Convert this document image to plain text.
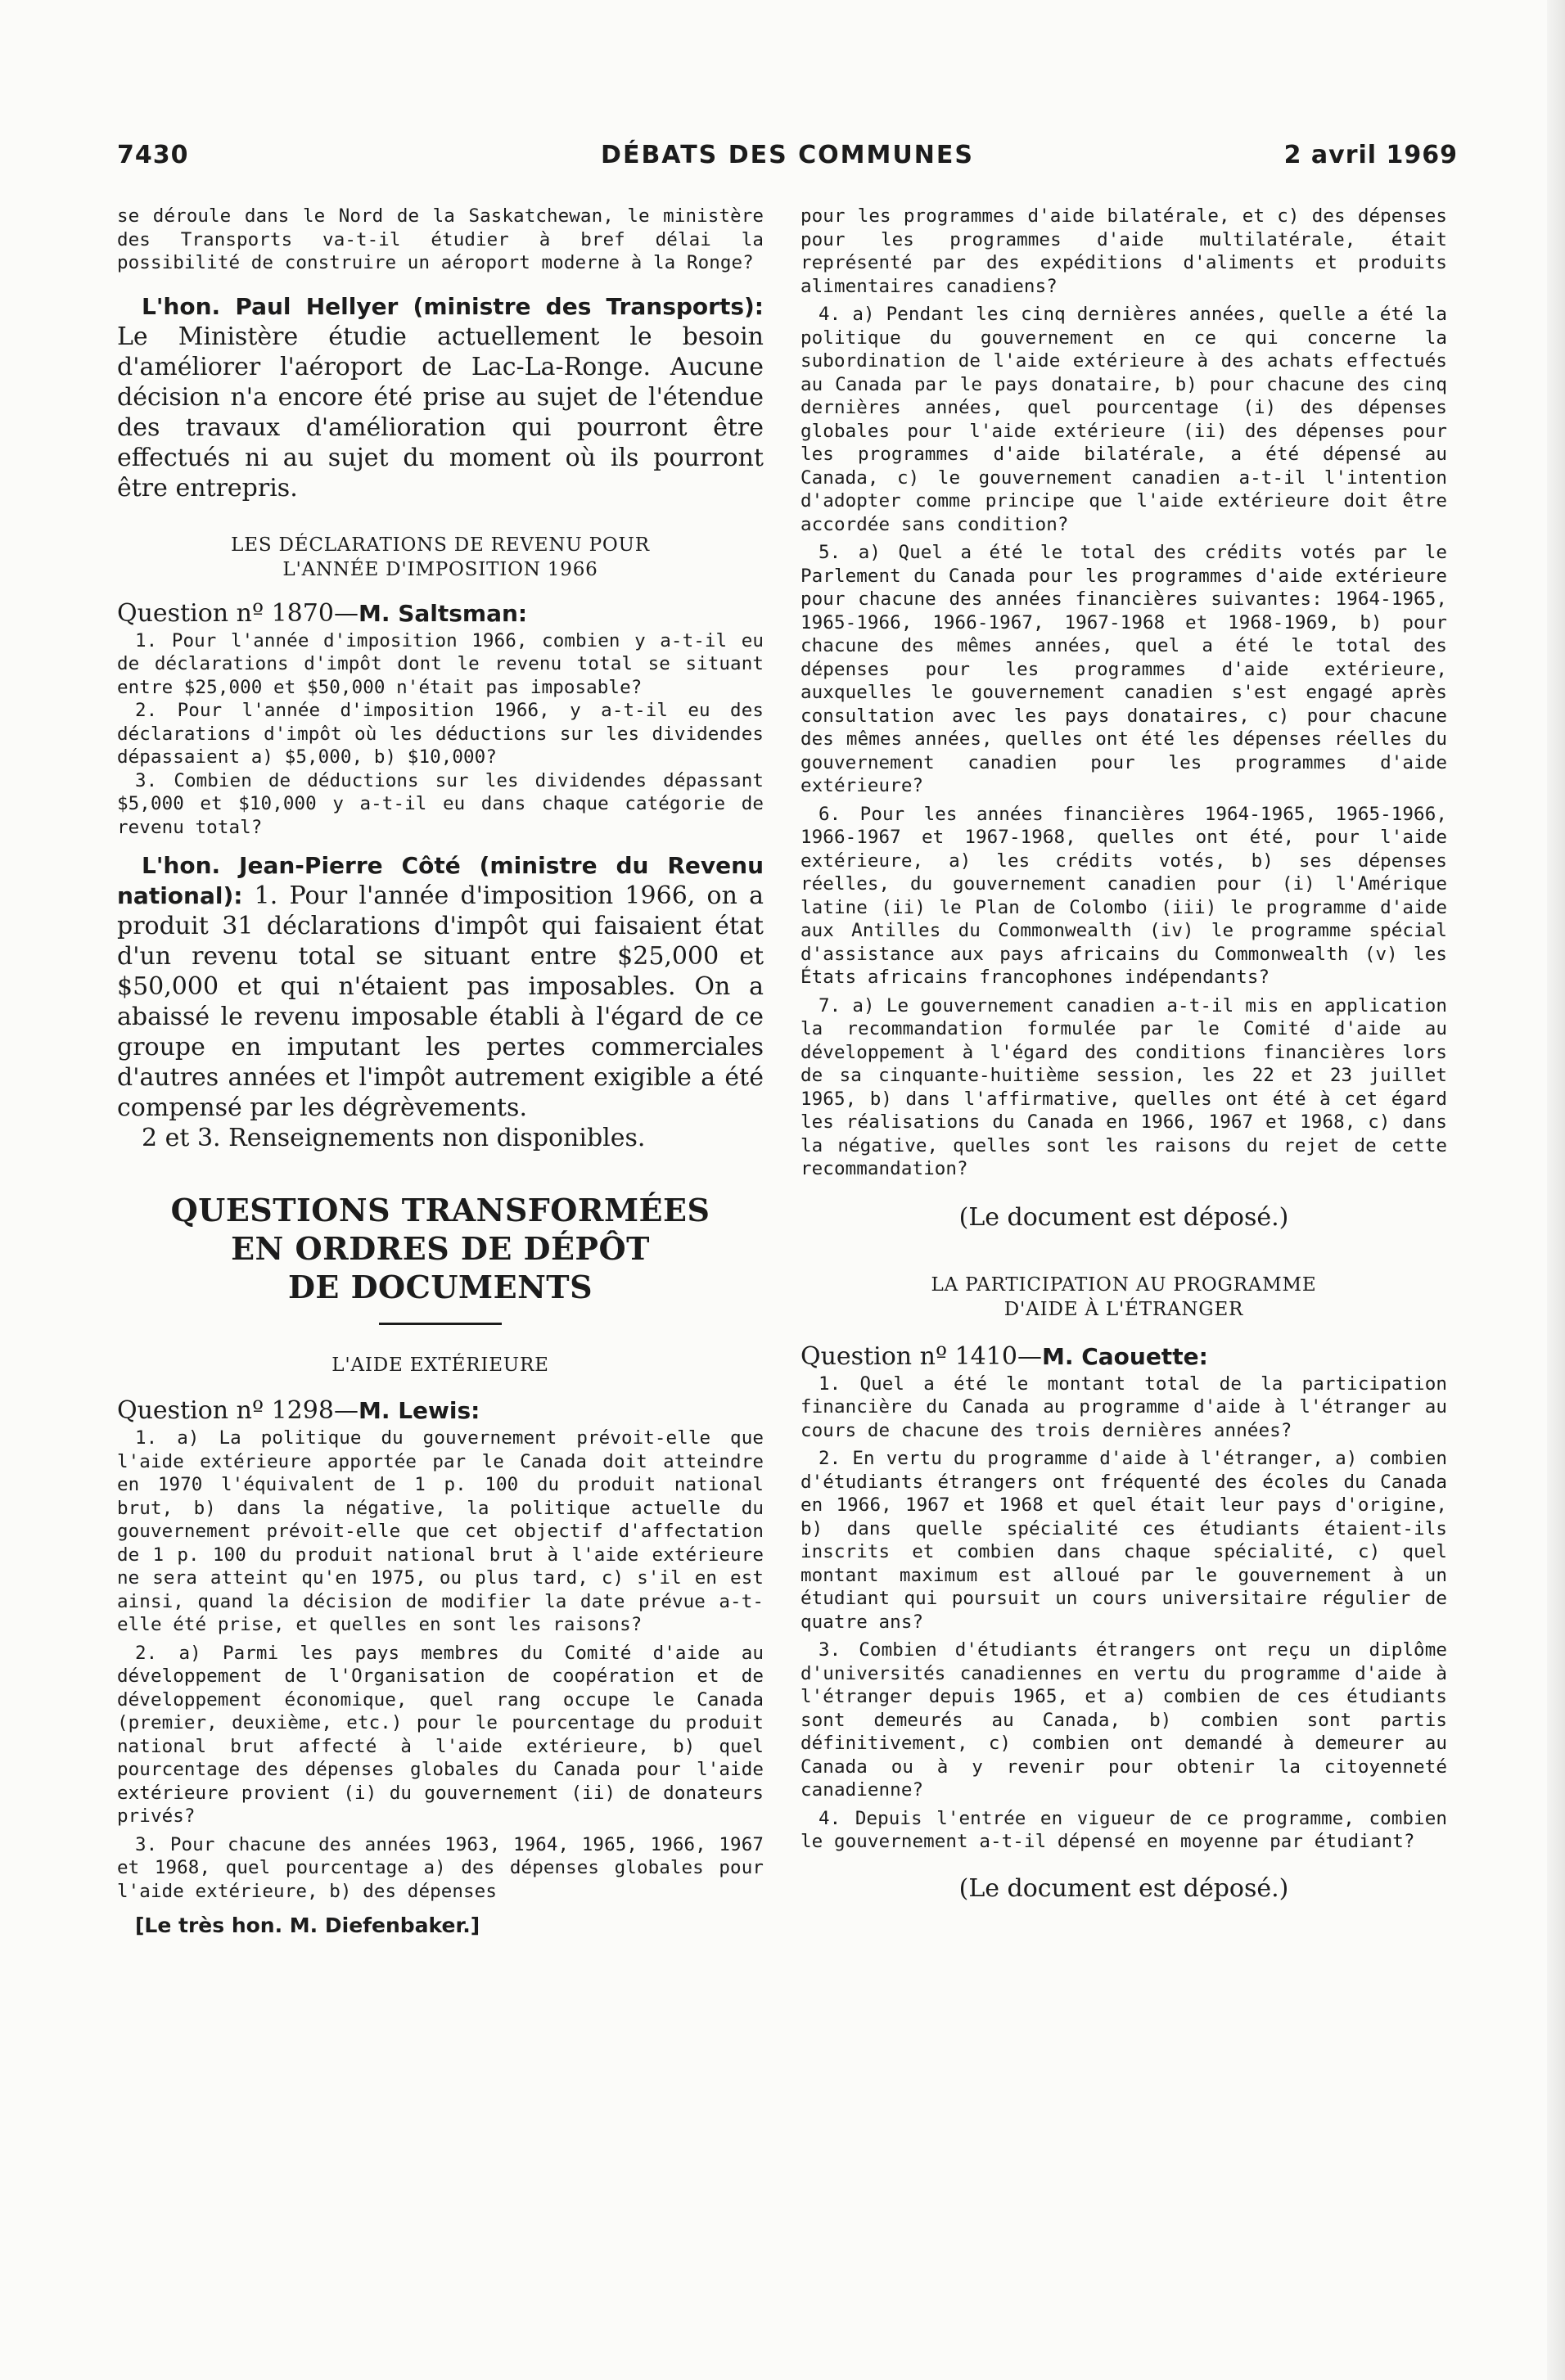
7430	DÉBATS DES COMMUNES	2 avril 1969

se déroule dans le Nord de la Saskatchewan, le ministère des Transports va-t-il étudier à bref délai la possibilité de construire un aéroport moderne à la Ronge?

L'hon. Paul Hellyer (ministre des Transports): Le Ministère étudie actuellement le besoin d'améliorer l'aéroport de Lac-La-Ronge. Aucune décision n'a encore été prise au sujet de l'étendue des travaux d'amélioration qui pourront être effectués ni au sujet du moment où ils pourront être entrepris.

LES DÉCLARATIONS DE REVENU POUR

L'ANNÉE D'IMPOSITION 1966

Question nº 1870—M. Saltsman:

1. Pour l'année d'imposition 1966, combien y a-t-il eu de déclarations d'impôt dont le revenu total se situant entre $25,000 et $50,000 n'était pas imposable?

2. Pour l'année d'imposition 1966, y a-t-il eu des déclarations d'impôt où les déductions sur les dividendes dépassaient a) $5,000, b) $10,000?

3. Combien de déductions sur les dividendes dépassant $5,000 et $10,000 y a-t-il eu dans chaque catégorie de revenu total?

L'hon. Jean-Pierre Côté (ministre du Revenu national): 1. Pour l'année d'imposition 1966, on a produit 31 déclarations d'impôt qui faisaient état d'un revenu total se situant entre $25,000 et $50,000 et qui n'étaient pas imposables. On a abaissé le revenu imposable établi à l'égard de ce groupe en imputant les pertes commerciales d'autres années et l'impôt autrement exigible a été compensé par les dégrèvements.

2 et 3. Renseignements non disponibles.

QUESTIONS TRANSFORMÉES

EN ORDRES DE DÉPÔT

DE DOCUMENTS

L'AIDE EXTÉRIEURE

Question nº 1298—M. Lewis:

1. a) La politique du gouvernement prévoit-elle que l'aide extérieure apportée par le Canada doit atteindre en 1970 l'équivalent de 1 p. 100 du produit national brut, b) dans la négative, la politique actuelle du gouvernement prévoit-elle que cet objectif d'affectation de 1 p. 100 du produit national brut à l'aide extérieure ne sera atteint qu'en 1975, ou plus tard, c) s'il en est ainsi, quand la décision de modifier la date prévue a-t-elle été prise, et quelles en sont les raisons?

2. a) Parmi les pays membres du Comité d'aide au développement de l'Organisation de coopération et de développement économique, quel rang occupe le Canada (premier, deuxième, etc.) pour le pourcentage du produit national brut affecté à l'aide extérieure, b) quel pourcentage des dépenses globales du Canada pour l'aide extérieure provient (i) du gouvernement (ii) de donateurs privés?

3. Pour chacune des années 1963, 1964, 1965, 1966, 1967 et 1968, quel pourcentage a) des dépenses globales pour l'aide extérieure, b) des dépenses

[Le très hon. M. Diefenbaker.]

pour les programmes d'aide bilatérale, et c) des dépenses pour les programmes d'aide multilatérale, était représenté par des expéditions d'aliments et produits alimentaires canadiens?

4. a) Pendant les cinq dernières années, quelle a été la politique du gouvernement en ce qui concerne la subordination de l'aide extérieure à des achats effectués au Canada par le pays donataire, b) pour chacune des cinq dernières années, quel pourcentage (i) des dépenses globales pour l'aide extérieure (ii) des dépenses pour les programmes d'aide bilatérale, a été dépensé au Canada, c) le gouvernement canadien a-t-il l'intention d'adopter comme principe que l'aide extérieure doit être accordée sans condition?

5. a) Quel a été le total des crédits votés par le Parlement du Canada pour les programmes d'aide extérieure pour chacune des années financières suivantes: 1964-1965, 1965-1966, 1966-1967, 1967-1968 et 1968-1969, b) pour chacune des mêmes années, quel a été le total des dépenses pour les programmes d'aide extérieure, auxquelles le gouvernement canadien s'est engagé après consultation avec les pays donataires, c) pour chacune des mêmes années, quelles ont été les dépenses réelles du gouvernement canadien pour les programmes d'aide extérieure?

6. Pour les années financières 1964-1965, 1965-1966, 1966-1967 et 1967-1968, quelles ont été, pour l'aide extérieure, a) les crédits votés, b) ses dépenses réelles, du gouvernement canadien pour (i) l'Amérique latine (ii) le Plan de Colombo (iii) le programme d'aide aux Antilles du Commonwealth (iv) le programme spécial d'assistance aux pays africains du Commonwealth (v) les États africains francophones indépendants?

7. a) Le gouvernement canadien a-t-il mis en application la recommandation formulée par le Comité d'aide au développement à l'égard des conditions financières lors de sa cinquante-huitième session, les 22 et 23 juillet 1965, b) dans l'affirmative, quelles ont été à cet égard les réalisations du Canada en 1966, 1967 et 1968, c) dans la négative, quelles sont les raisons du rejet de cette recommandation?

(Le document est déposé.)

LA PARTICIPATION AU PROGRAMME

D'AIDE À L'ÉTRANGER

Question nº 1410—M. Caouette:

1. Quel a été le montant total de la participation financière du Canada au programme d'aide à l'étranger au cours de chacune des trois dernières années?

2. En vertu du programme d'aide à l'étranger, a) combien d'étudiants étrangers ont fréquenté des écoles du Canada en 1966, 1967 et 1968 et quel était leur pays d'origine, b) dans quelle spécialité ces étudiants étaient-ils inscrits et combien dans chaque spécialité, c) quel montant maximum est alloué par le gouvernement à un étudiant qui poursuit un cours universitaire régulier de quatre ans?

3. Combien d'étudiants étrangers ont reçu un diplôme d'universités canadiennes en vertu du programme d'aide à l'étranger depuis 1965, et a) combien de ces étudiants sont demeurés au Canada, b) combien sont partis définitivement, c) combien ont demandé à demeurer au Canada ou à y revenir pour obtenir la citoyenneté canadienne?

4. Depuis l'entrée en vigueur de ce programme, combien le gouvernement a-t-il dépensé en moyenne par étudiant?

(Le document est déposé.)
